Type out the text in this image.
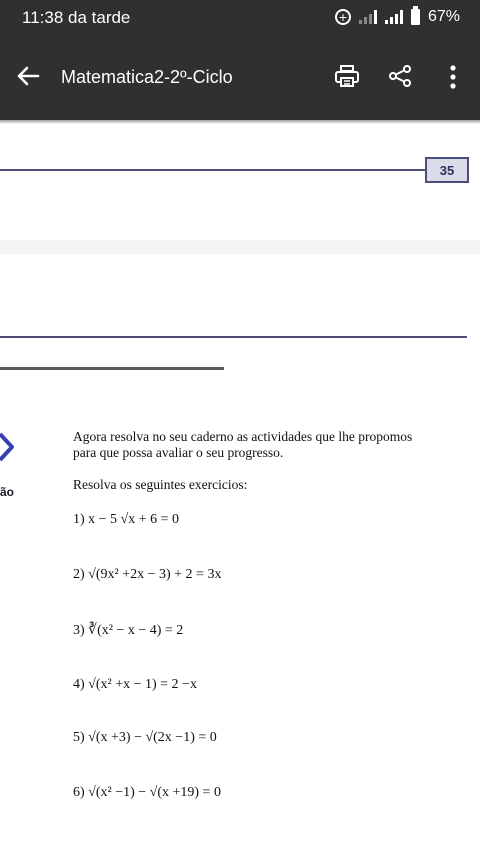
11:38 da tarde	+	67%
Matematica2-2º-Ciclo
35
ão
Agora resolva no seu caderno as actividades que lhe propomos
para que possa avaliar o seu progresso.
Resolva os seguintes exercicios:
1) x − 5 √x + 6 = 0
2) √(9x² +2x − 3) + 2 = 3x
3) ∛(x² − x − 4) = 2
4) √(x² +x − 1) = 2 −x
5) √(x +3) − √(2x −1) = 0
6) √(x² −1) − √(x +19) = 0
